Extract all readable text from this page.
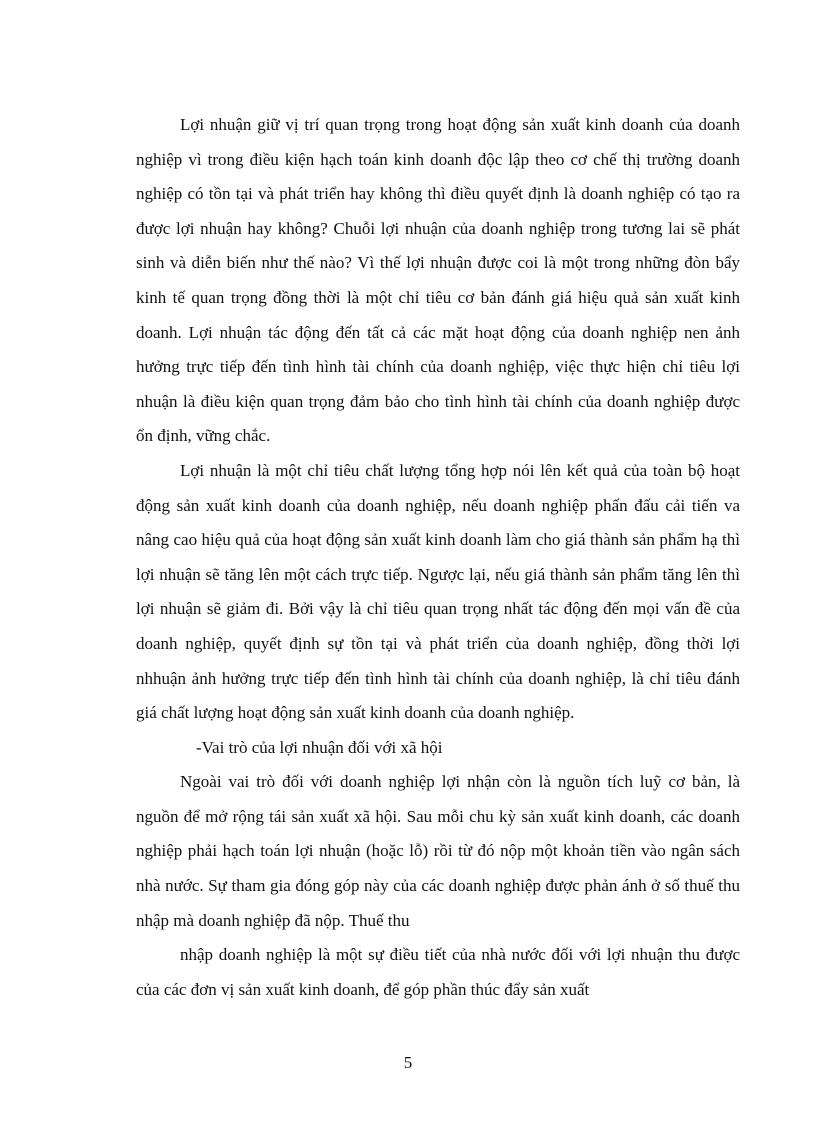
Lợi nhuận giữ vị trí quan trọng trong hoạt động sản xuất kinh doanh của doanh nghiệp vì trong điều kiện hạch toán kinh doanh độc lập theo cơ chế thị trường doanh nghiệp có tồn tại và phát triển hay không thì điều quyết định là doanh nghiệp có tạo ra được lợi nhuận hay không? Chuỗi lợi nhuận của doanh nghiệp trong tương lai sẽ phát sinh và diễn biến như thế nào? Vì thế lợi nhuận được coi là một trong những đòn bẩy kinh tế quan trọng đồng thời là một chỉ tiêu cơ bản đánh giá hiệu quả sản xuất kinh doanh. Lợi nhuận tác động đến tất cả các mặt hoạt động của doanh nghiệp nen ảnh hưởng trực tiếp đến tình hình tài chính của doanh nghiệp, việc thực hiện chỉ tiêu lợi nhuận là điều kiện quan trọng đảm bảo cho tình hình tài chính của doanh nghiệp được ổn định, vững chắc.

Lợi nhuận là một chỉ tiêu chất lượng tổng hợp nói lên kết quả của toàn bộ hoạt động sản xuất kinh doanh của doanh nghiệp, nếu doanh nghiệp phấn đấu cải tiến va nâng cao hiệu quả của hoạt động sản xuất kinh doanh làm cho giá thành sản phẩm hạ thì lợi nhuận sẽ tăng lên một cách trực tiếp. Ngược lại, nếu giá thành sản phẩm tăng lên thì lợi nhuận sẽ giảm đi. Bởi vậy là chỉ tiêu quan trọng nhất tác động đến mọi vấn đề của doanh nghiệp, quyết định sự tồn tại và phát triển của doanh nghiệp, đồng thời lợi nhhuận ảnh hưởng trực tiếp đến tình hình tài chính của doanh nghiệp, là chỉ tiêu đánh giá chất lượng hoạt động sản xuất kinh doanh của doanh nghiệp.

-Vai trò của lợi nhuận đối với xã hội

Ngoài vai trò đối với doanh nghiệp lợi nhận còn là nguồn tích luỹ cơ bản, là nguồn để mở rộng tái sản xuất xã hội. Sau mỗi chu kỳ sản xuất kinh doanh, các doanh nghiệp phải hạch toán lợi nhuận (hoặc lỗ) rồi từ đó nộp một khoản tiền vào ngân sách nhà nước. Sự tham gia đóng góp này của các doanh nghiệp được phản ánh ở số thuế thu nhập mà doanh nghiệp đã nộp. Thuế thu

nhập doanh nghiệp là một sự điều tiết của nhà nước đối với lợi nhuận thu được của các đơn vị sản xuất kinh doanh, để góp phần thúc đẩy sản xuất

5
